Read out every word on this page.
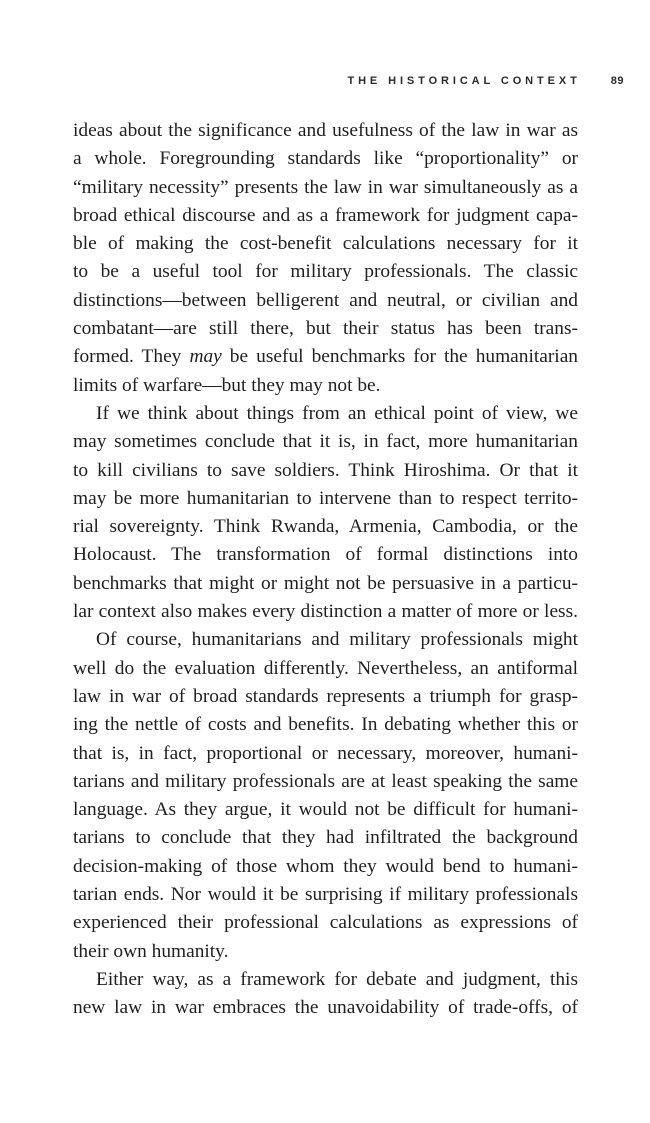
THE HISTORICAL CONTEXT	89

ideas about the significance and usefulness of the law in war as
a whole. Foregrounding standards like “proportionality” or
“military necessity” presents the law in war simultaneously as a
broad ethical discourse and as a framework for judgment capa-
ble of making the cost-benefit calculations necessary for it
to be a useful tool for military professionals. The classic
distinctions—between belligerent and neutral, or civilian and
combatant—are still there, but their status has been trans-
formed. They may be useful benchmarks for the humanitarian
limits of warfare—but they may not be.

If we think about things from an ethical point of view, we
may sometimes conclude that it is, in fact, more humanitarian
to kill civilians to save soldiers. Think Hiroshima. Or that it
may be more humanitarian to intervene than to respect territo-
rial sovereignty. Think Rwanda, Armenia, Cambodia, or the
Holocaust. The transformation of formal distinctions into
benchmarks that might or might not be persuasive in a particu-
lar context also makes every distinction a matter of more or less.

Of course, humanitarians and military professionals might
well do the evaluation differently. Nevertheless, an antiformal
law in war of broad standards represents a triumph for grasp-
ing the nettle of costs and benefits. In debating whether this or
that is, in fact, proportional or necessary, moreover, humani-
tarians and military professionals are at least speaking the same
language. As they argue, it would not be difficult for humani-
tarians to conclude that they had infiltrated the background
decision-making of those whom they would bend to humani-
tarian ends. Nor would it be surprising if military professionals
experienced their professional calculations as expressions of
their own humanity.

Either way, as a framework for debate and judgment, this
new law in war embraces the unavoidability of trade-offs, of
